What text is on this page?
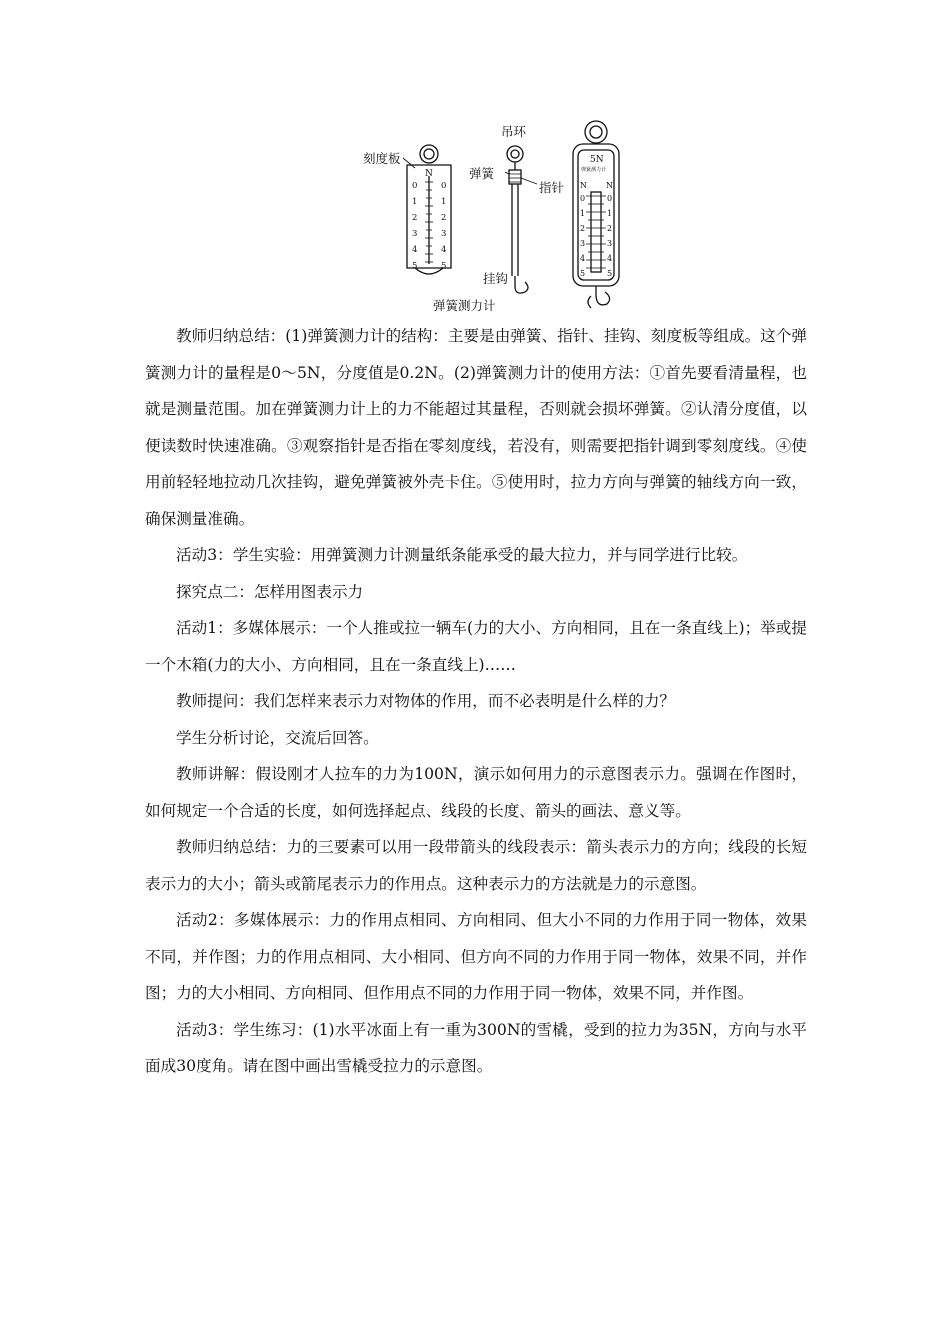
刻度板
吊环
弹簧
指针
挂钩
弹簧测力计
N
0
1
2
3
4
5
0
1
2
3
4
5
5N
弹簧测力计
N N
0
1
2
3
4
5
0
1
2
3
4
5

教师归纳总结：(1)弹簧测力计的结构：主要是由弹簧、指针、挂钩、刻度板等组成。这个弹簧测力计的量程是0～5N，分度值是0.2N。(2)弹簧测力计的使用方法：①首先要看清量程，也就是测量范围。加在弹簧测力计上的力不能超过其量程，否则就会损坏弹簧。②认清分度值，以便读数时快速准确。③观察指针是否指在零刻度线，若没有，则需要把指针调到零刻度线。④使用前轻轻地拉动几次挂钩，避免弹簧被外壳卡住。⑤使用时，拉力方向与弹簧的轴线方向一致，确保测量准确。

活动3：学生实验：用弹簧测力计测量纸条能承受的最大拉力，并与同学进行比较。

探究点二：怎样用图表示力

活动1：多媒体展示：一个人推或拉一辆车(力的大小、方向相同，且在一条直线上)；举或提一个木箱(力的大小、方向相同，且在一条直线上)……

教师提问：我们怎样来表示力对物体的作用，而不必表明是什么样的力？

学生分析讨论，交流后回答。

教师讲解：假设刚才人拉车的力为100N，演示如何用力的示意图表示力。强调在作图时，如何规定一个合适的长度，如何选择起点、线段的长度、箭头的画法、意义等。

教师归纳总结：力的三要素可以用一段带箭头的线段表示：箭头表示力的方向；线段的长短表示力的大小；箭头或箭尾表示力的作用点。这种表示力的方法就是力的示意图。

活动2：多媒体展示：力的作用点相同、方向相同、但大小不同的力作用于同一物体，效果不同，并作图；力的作用点相同、大小相同、但方向不同的力作用于同一物体，效果不同，并作图；力的大小相同、方向相同、但作用点不同的力作用于同一物体，效果不同，并作图。

活动3：学生练习：(1)水平冰面上有一重为300N的雪橇，受到的拉力为35N，方向与水平面成30度角。请在图中画出雪橇受拉力的示意图。
